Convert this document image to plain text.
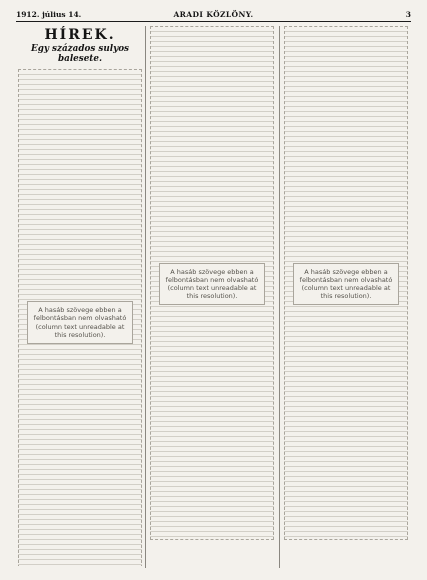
1912. július 14.	ARADI KÖZLÖNY.	3
HÍREK.
Egy százados sulyos balesete.
A hasáb szövege ebben a felbontásban nem olvasható (column text unreadable at this resolution).
A hasáb szövege ebben a felbontásban nem olvasható (column text unreadable at this resolution).
A hasáb szövege ebben a felbontásban nem olvasható (column text unreadable at this resolution).
